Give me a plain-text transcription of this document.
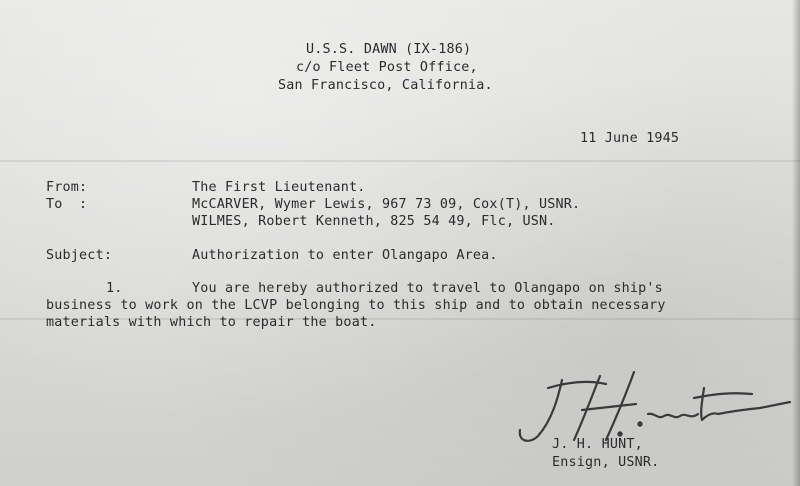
U.S.S. DAWN (IX-186)
c/o Fleet Post Office,
San Francisco, California.
11 June 1945
From:	The First Lieutenant.
To  :	McCARVER, Wymer Lewis, 967 73 09, Cox(T), USNR.
WILMES, Robert Kenneth, 825 54 49, Flc, USN.
Subject:	Authorization to enter Olangapo Area.
1.	You are hereby authorized to travel to Olangapo on ship's
business to work on the LCVP belonging to this ship and to obtain necessary
materials with which to repair the boat.
J. H. HUNT,
Ensign, USNR.
